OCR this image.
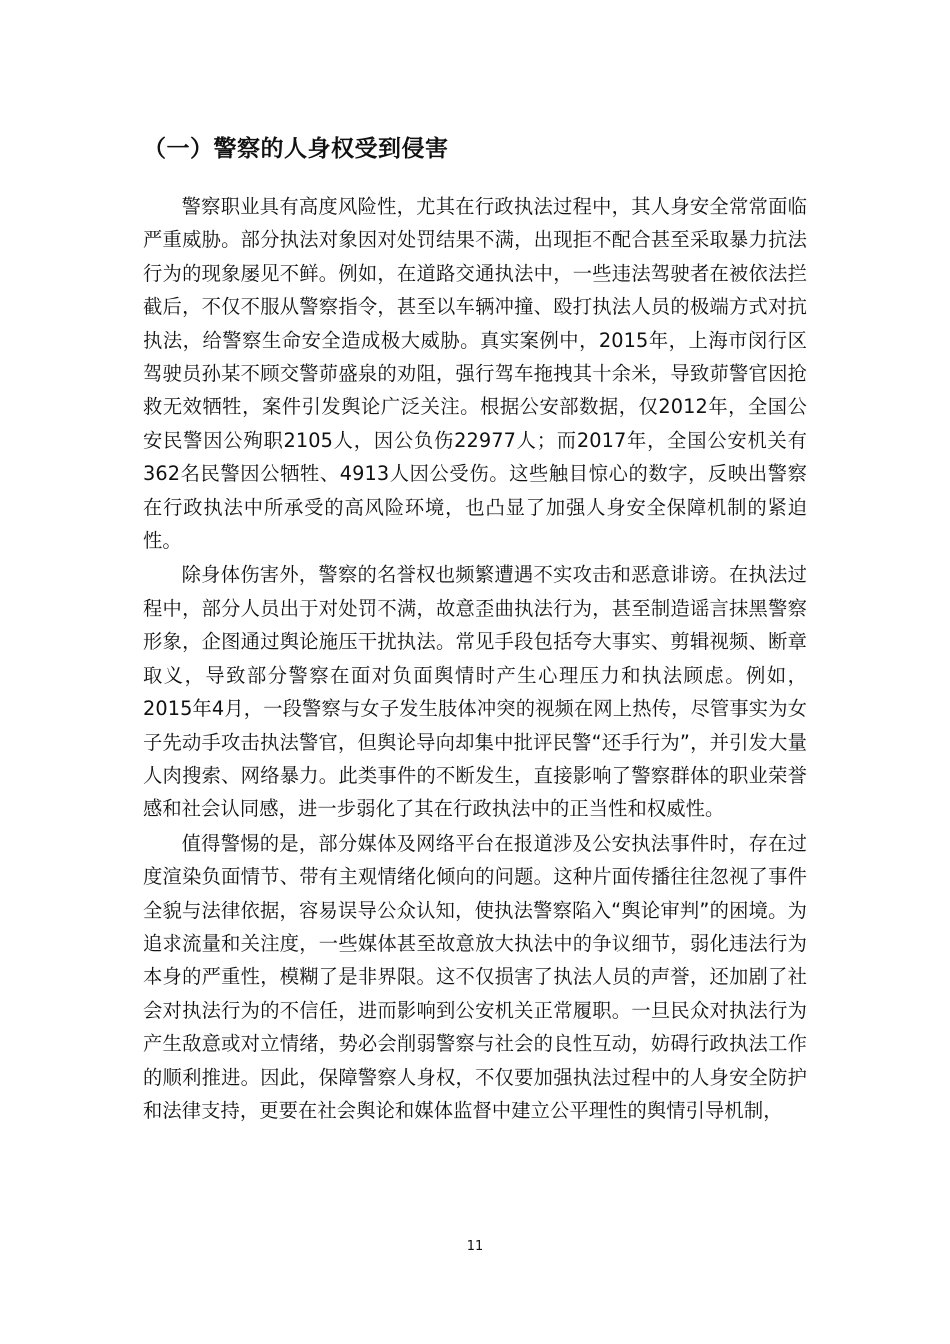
（一）警察的人身权受到侵害

警察职业具有高度风险性，尤其在行政执法过程中，其人身安全常常面临严重威胁。部分执法对象因对处罚结果不满，出现拒不配合甚至采取暴力抗法行为的现象屡见不鲜。例如，在道路交通执法中，一些违法驾驶者在被依法拦截后，不仅不服从警察指令，甚至以车辆冲撞、殴打执法人员的极端方式对抗执法，给警察生命安全造成极大威胁。真实案例中，2015年，上海市闵行区驾驶员孙某不顾交警茆盛泉的劝阻，强行驾车拖拽其十余米，导致茆警官因抢救无效牺牲，案件引发舆论广泛关注。根据公安部数据，仅2012年，全国公安民警因公殉职2105人，因公负伤22977人；而2017年，全国公安机关有362名民警因公牺牲、4913人因公受伤。这些触目惊心的数字，反映出警察在行政执法中所承受的高风险环境，也凸显了加强人身安全保障机制的紧迫性。

除身体伤害外，警察的名誉权也频繁遭遇不实攻击和恶意诽谤。在执法过程中，部分人员出于对处罚不满，故意歪曲执法行为，甚至制造谣言抹黑警察形象，企图通过舆论施压干扰执法。常见手段包括夸大事实、剪辑视频、断章取义，导致部分警察在面对负面舆情时产生心理压力和执法顾虑。例如，2015年4月，一段警察与女子发生肢体冲突的视频在网上热传，尽管事实为女子先动手攻击执法警官，但舆论导向却集中批评民警“还手行为”，并引发大量人肉搜索、网络暴力。此类事件的不断发生，直接影响了警察群体的职业荣誉感和社会认同感，进一步弱化了其在行政执法中的正当性和权威性。

值得警惕的是，部分媒体及网络平台在报道涉及公安执法事件时，存在过度渲染负面情节、带有主观情绪化倾向的问题。这种片面传播往往忽视了事件全貌与法律依据，容易误导公众认知，使执法警察陷入“舆论审判”的困境。为追求流量和关注度，一些媒体甚至故意放大执法中的争议细节，弱化违法行为本身的严重性，模糊了是非界限。这不仅损害了执法人员的声誉，还加剧了社会对执法行为的不信任，进而影响到公安机关正常履职。一旦民众对执法行为产生敌意或对立情绪，势必会削弱警察与社会的良性互动，妨碍行政执法工作的顺利推进。因此，保障警察人身权，不仅要加强执法过程中的人身安全防护和法律支持，更要在社会舆论和媒体监督中建立公平理性的舆情引导机制，

11
